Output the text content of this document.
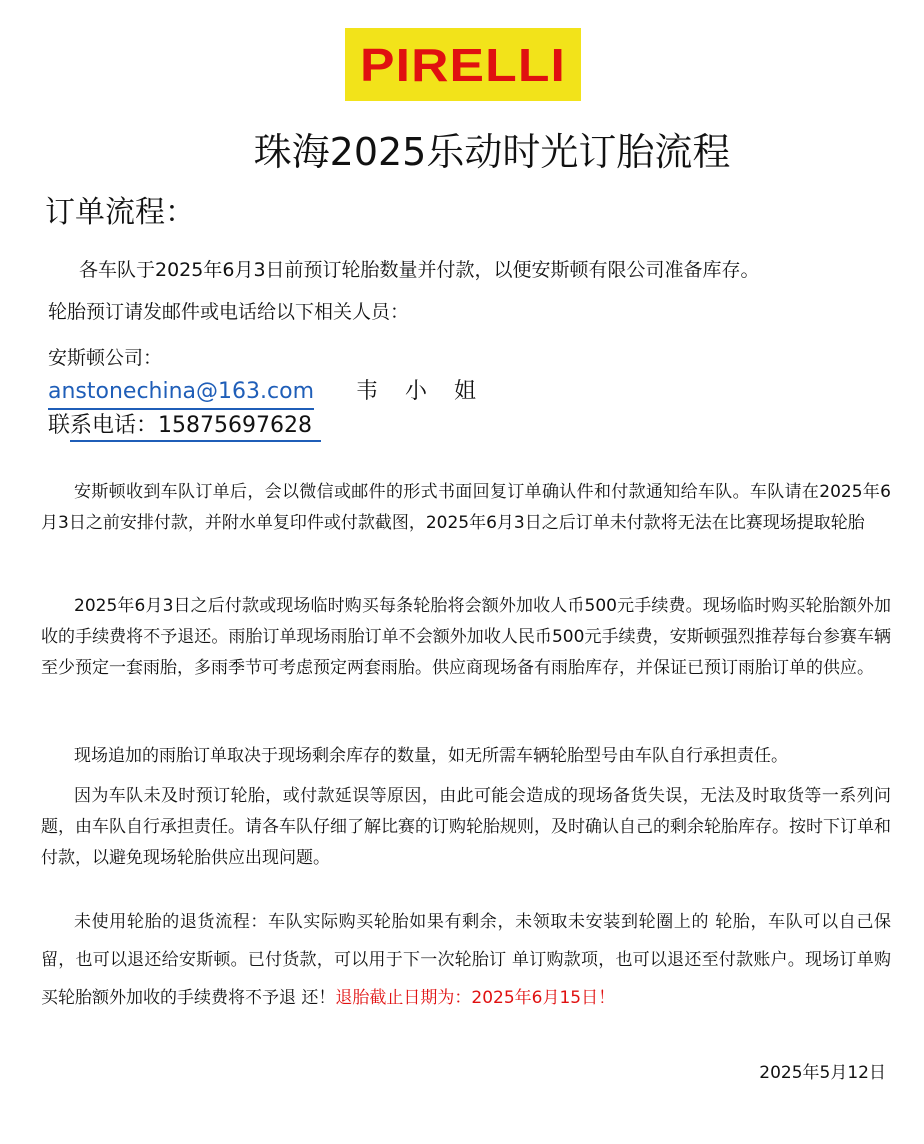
PIRELLI
珠海2025乐动时光订胎流程
订单流程：
各车队于2025年6月3日前预订轮胎数量并付款，以便安斯顿有限公司准备库存。
轮胎预订请发邮件或电话给以下相关人员：
安斯顿公司：
anstonechina@163.com 韦 小 姐
联系电话：15875697628
安斯顿收到车队订单后，会以微信或邮件的形式书面回复订单确认件和付款通知给车队。车队请在2025年6月3日之前安排付款，并附水单复印件或付款截图，2025年6月3日之后订单未付款将无法在比赛现场提取轮胎
2025年6月3日之后付款或现场临时购买每条轮胎将会额外加收人币500元手续费。现场临时购买轮胎额外加收的手续费将不予退还。雨胎订单现场雨胎订单不会额外加收人民币500元手续费，安斯顿强烈推荐每台参赛车辆至少预定一套雨胎，多雨季节可考虑预定两套雨胎。供应商现场备有雨胎库存，并保证已预订雨胎订单的供应。
现场追加的雨胎订单取决于现场剩余库存的数量，如无所需车辆轮胎型号由车队自行承担责任。
因为车队未及时预订轮胎，或付款延误等原因，由此可能会造成的现场备货失误，无法及时取货等一系列问题，由车队自行承担责任。请各车队仔细了解比赛的订购轮胎规则，及时确认自己的剩余轮胎库存。按时下订单和付款，以避免现场轮胎供应出现问题。
未使用轮胎的退货流程：车队实际购买轮胎如果有剩余，未领取未安装到轮圈上的 轮胎，车队可以自己保留，也可以退还给安斯顿。已付货款，可以用于下一次轮胎订 单订购款项，也可以退还至付款账户。现场订单购买轮胎额外加收的手续费将不予退 还！退胎截止日期为：2025年6月15日！
2025年5月12日
